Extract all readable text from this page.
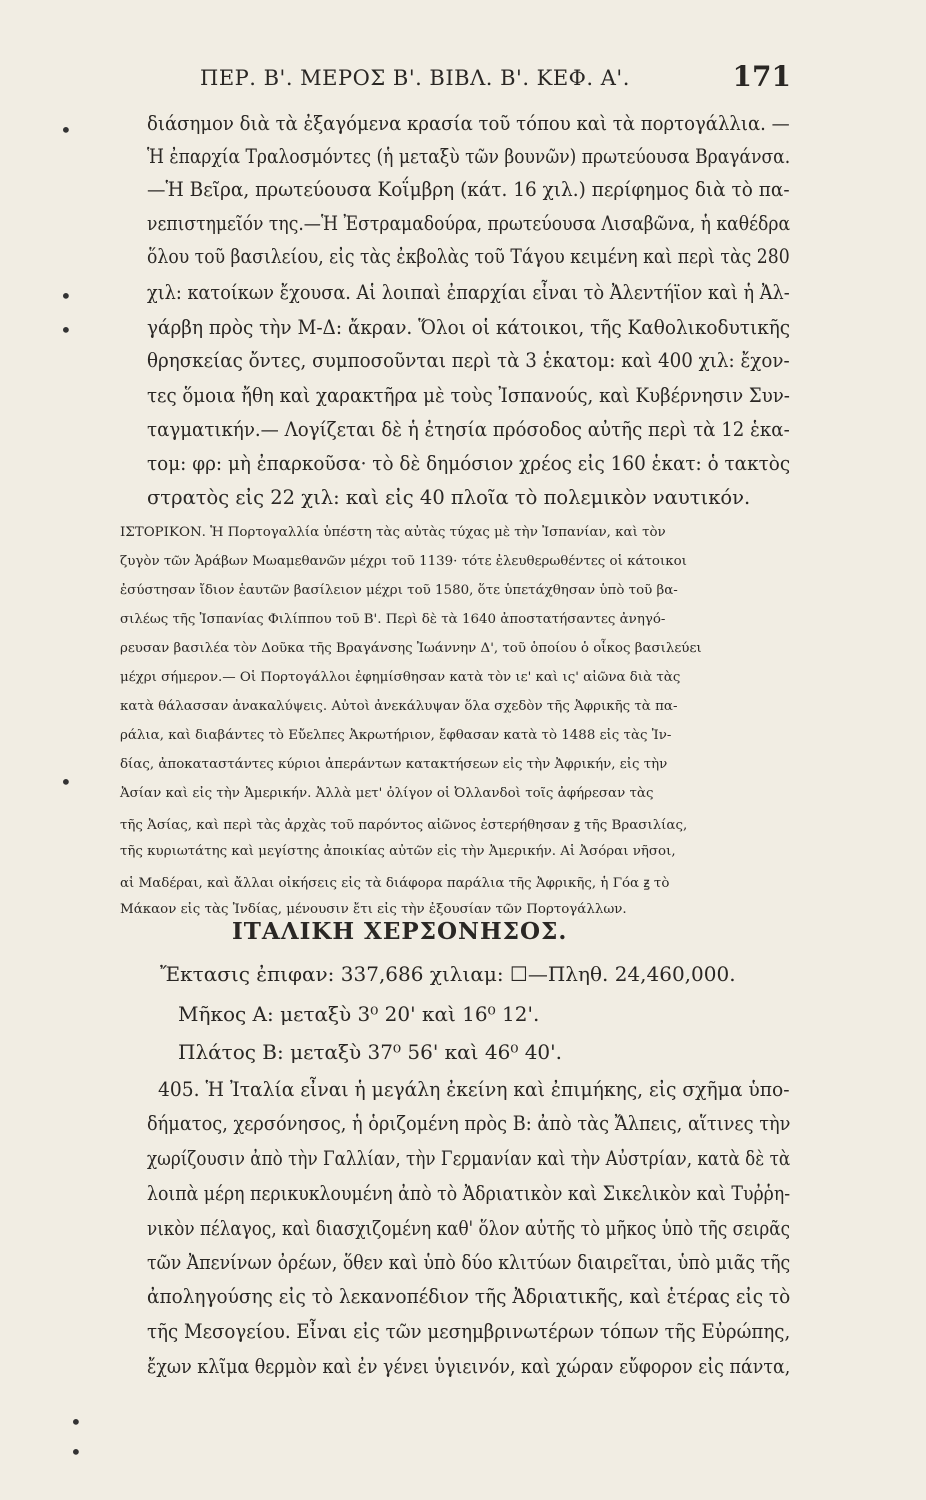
ΠΕΡ. Β'. ΜΕΡΟΣ Β'. ΒΙΒΛ. Β'. ΚΕΦ. Α'.	171
διάσημον διὰ τὰ ἐξαγόμενα κρασία τοῦ τόπου καὶ τὰ πορτογάλλια. —
Ἡ ἐπαρχία Τραλοσμόντες (ἡ μεταξὺ τῶν βουνῶν) πρωτεύουσα Βραγάνσα.
—Ἡ Βεῖρα, πρωτεύουσα Κοΐμβρη (κάτ. 16 χιλ.) περίφημος διὰ τὸ πα-
νεπιστημεῖόν της.—Ἡ Ἐστραμαδούρα, πρωτεύουσα Λισαβῶνα, ἡ καθέδρα
ὅλου τοῦ βασιλείου, εἰς τὰς ἐκβολὰς τοῦ Τάγου κειμένη καὶ περὶ τὰς 280
χιλ: κατοίκων ἔχουσα. Αἱ λοιπαὶ ἐπαρχίαι εἶναι τὸ Ἀλεντήϊον καὶ ἡ Ἀλ-
γάρβη πρὸς τὴν Μ-Δ: ἄκραν. Ὅλοι οἱ κάτοικοι, τῆς Καθολικοδυτικῆς
θρησκείας ὄντες, συμποσοῦνται περὶ τὰ 3 ἑκατομ: καὶ 400 χιλ: ἔχον-
τες ὅμοια ἤθη καὶ χαρακτῆρα μὲ τοὺς Ἰσπανούς, καὶ Κυβέρνησιν Συν-
ταγματικήν.— Λογίζεται δὲ ἡ ἐτησία πρόσοδος αὐτῆς περὶ τὰ 12 ἑκα-
τομ: φρ: μὴ ἐπαρκοῦσα· τὸ δὲ δημόσιον χρέος εἰς 160 ἑκατ: ὁ τακτὸς
στρατὸς εἰς 22 χιλ: καὶ εἰς 40 πλοῖα τὸ πολεμικὸν ναυτικόν.
ΙΣΤΟΡΙΚΟΝ. Ἡ Πορτογαλλία ὑπέστη τὰς αὐτὰς τύχας μὲ τὴν Ἰσπανίαν, καὶ τὸν
ζυγὸν τῶν Ἀράβων Μωαμεθανῶν μέχρι τοῦ 1139· τότε ἐλευθερωθέντες οἱ κάτοικοι
ἐσύστησαν ἴδιον ἑαυτῶν βασίλειον μέχρι τοῦ 1580, ὅτε ὑπετάχθησαν ὑπὸ τοῦ βα-
σιλέως τῆς Ἰσπανίας Φιλίππου τοῦ Β'. Περὶ δὲ τὰ 1640 ἀποστατήσαντες ἀνηγό-
ρευσαν βασιλέα τὸν Δοῦκα τῆς Βραγάνσης Ἰωάννην Δ', τοῦ ὁποίου ὁ οἶκος βασιλεύει
μέχρι σήμερον.— Οἱ Πορτογάλλοι ἐφημίσθησαν κατὰ τὸν ιε' καὶ ις' αἰῶνα διὰ τὰς
κατὰ θάλασσαν ἀνακαλύψεις. Αὐτοὶ ἀνεκάλυψαν ὅλα σχεδὸν τῆς Ἀφρικῆς τὰ πα-
ράλια, καὶ διαβάντες τὸ Εὔελπες Ἀκρωτήριον, ἔφθασαν κατὰ τὸ 1488 εἰς τὰς Ἰν-
δίας, ἀποκαταστάντες κύριοι ἀπεράντων κατακτήσεων εἰς τὴν Ἀφρικήν, εἰς τὴν
Ἀσίαν καὶ εἰς τὴν Ἀμερικήν. Ἀλλὰ μετ' ὀλίγον οἱ Ὀλλανδοὶ τοῖς ἀφήρεσαν τὰς
τῆς Ἀσίας, καὶ περὶ τὰς ἀρχὰς τοῦ παρόντος αἰῶνος ἐστερήθησαν ꙃ τῆς Βρασιλίας,
τῆς κυριωτάτης καὶ μεγίστης ἀποικίας αὐτῶν εἰς τὴν Ἀμερικήν. Αἱ Ἀσόραι νῆσοι,
αἱ Μαδέραι, καὶ ἄλλαι οἰκήσεις εἰς τὰ διάφορα παράλια τῆς Ἀφρικῆς, ἡ Γόα ꙃ τὸ
Μάκαον εἰς τὰς Ἰνδίας, μένουσιν ἔτι εἰς τὴν ἐξουσίαν τῶν Πορτογάλλων.
ΙΤΑΛΙΚΗ ΧΕΡΣΟΝΗΣΟΣ.
Ἔκτασις ἐπιφαν: 337,686 χιλιαμ: ☐—Πληθ. 24,460,000.
Μῆκος Α: μεταξὺ 3⁰ 20' καὶ 16⁰ 12'.
Πλάτος Β: μεταξὺ 37⁰ 56' καὶ 46⁰ 40'.
405. Ἡ Ἰταλία εἶναι ἡ μεγάλη ἐκείνη καὶ ἐπιμήκης, εἰς σχῆμα ὑπο-
δήματος, χερσόνησος, ἡ ὁριζομένη πρὸς Β: ἀπὸ τὰς Ἄλπεις, αἵτινες τὴν
χωρίζουσιν ἀπὸ τὴν Γαλλίαν, τὴν Γερμανίαν καὶ τὴν Αὐστρίαν, κατὰ δὲ τὰ
λοιπὰ μέρη περικυκλουμένη ἀπὸ τὸ Ἀδριατικὸν καὶ Σικελικὸν καὶ Τυῤῥη-
νικὸν πέλαγος, καὶ διασχιζομένη καθ' ὅλον αὐτῆς τὸ μῆκος ὑπὸ τῆς σειρᾶς
τῶν Ἀπενίνων ὀρέων, ὅθεν καὶ ὑπὸ δύο κλιτύων διαιρεῖται, ὑπὸ μιᾶς τῆς
ἀποληγούσης εἰς τὸ λεκανοπέδιον τῆς Ἀδριατικῆς, καὶ ἑτέρας εἰς τὸ
τῆς Μεσογείου. Εἶναι εἰς τῶν μεσημβρινωτέρων τόπων τῆς Εὐρώπης,
ἔχων κλῖμα θερμὸν καὶ ἐν γένει ὑγιεινόν, καὶ χώραν εὔφορον εἰς πάντα,
•
•
•
•
•
•
